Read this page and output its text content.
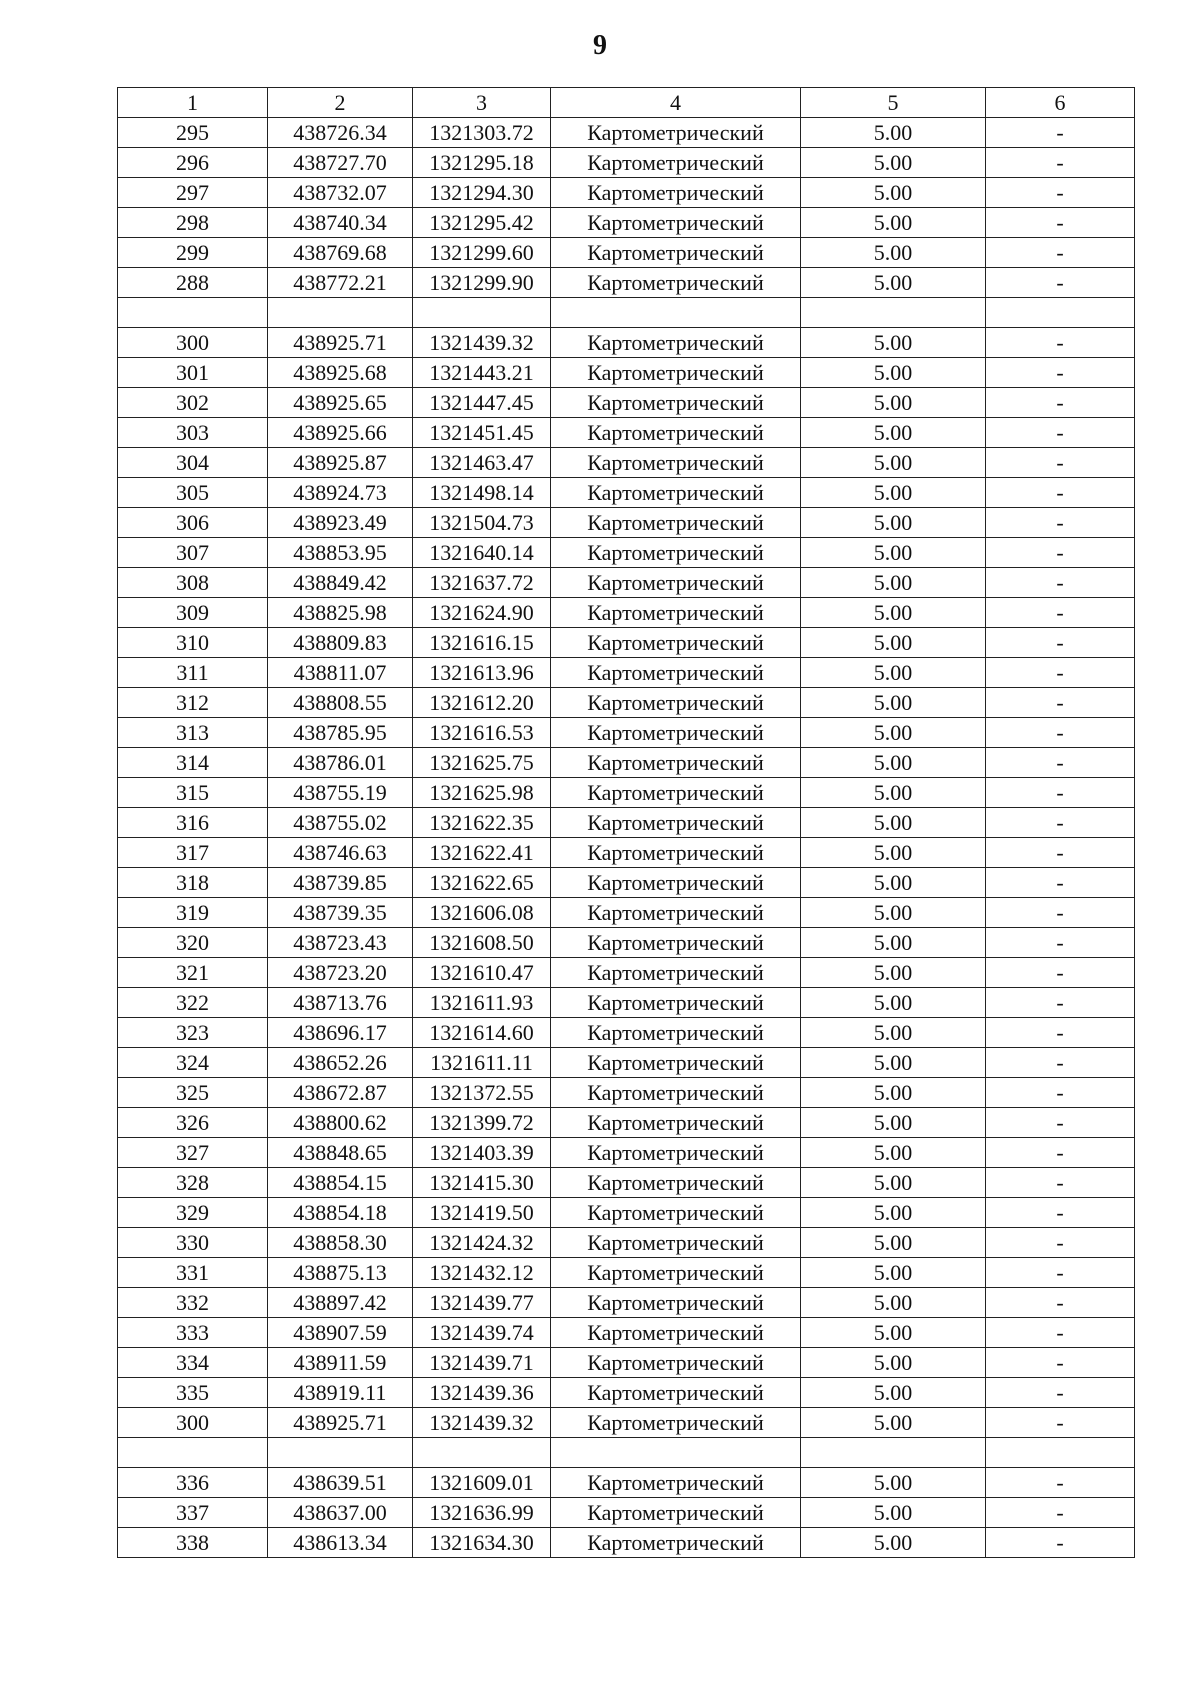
9
1	2	3	4	5	6
295	438726.34	1321303.72	Картометрический	5.00	-
296	438727.70	1321295.18	Картометрический	5.00	-
297	438732.07	1321294.30	Картометрический	5.00	-
298	438740.34	1321295.42	Картометрический	5.00	-
299	438769.68	1321299.60	Картометрический	5.00	-
288	438772.21	1321299.90	Картометрический	5.00	-

300	438925.71	1321439.32	Картометрический	5.00	-
301	438925.68	1321443.21	Картометрический	5.00	-
302	438925.65	1321447.45	Картометрический	5.00	-
303	438925.66	1321451.45	Картометрический	5.00	-
304	438925.87	1321463.47	Картометрический	5.00	-
305	438924.73	1321498.14	Картометрический	5.00	-
306	438923.49	1321504.73	Картометрический	5.00	-
307	438853.95	1321640.14	Картометрический	5.00	-
308	438849.42	1321637.72	Картометрический	5.00	-
309	438825.98	1321624.90	Картометрический	5.00	-
310	438809.83	1321616.15	Картометрический	5.00	-
311	438811.07	1321613.96	Картометрический	5.00	-
312	438808.55	1321612.20	Картометрический	5.00	-
313	438785.95	1321616.53	Картометрический	5.00	-
314	438786.01	1321625.75	Картометрический	5.00	-
315	438755.19	1321625.98	Картометрический	5.00	-
316	438755.02	1321622.35	Картометрический	5.00	-
317	438746.63	1321622.41	Картометрический	5.00	-
318	438739.85	1321622.65	Картометрический	5.00	-
319	438739.35	1321606.08	Картометрический	5.00	-
320	438723.43	1321608.50	Картометрический	5.00	-
321	438723.20	1321610.47	Картометрический	5.00	-
322	438713.76	1321611.93	Картометрический	5.00	-
323	438696.17	1321614.60	Картометрический	5.00	-
324	438652.26	1321611.11	Картометрический	5.00	-
325	438672.87	1321372.55	Картометрический	5.00	-
326	438800.62	1321399.72	Картометрический	5.00	-
327	438848.65	1321403.39	Картометрический	5.00	-
328	438854.15	1321415.30	Картометрический	5.00	-
329	438854.18	1321419.50	Картометрический	5.00	-
330	438858.30	1321424.32	Картометрический	5.00	-
331	438875.13	1321432.12	Картометрический	5.00	-
332	438897.42	1321439.77	Картометрический	5.00	-
333	438907.59	1321439.74	Картометрический	5.00	-
334	438911.59	1321439.71	Картометрический	5.00	-
335	438919.11	1321439.36	Картометрический	5.00	-
300	438925.71	1321439.32	Картометрический	5.00	-

336	438639.51	1321609.01	Картометрический	5.00	-
337	438637.00	1321636.99	Картометрический	5.00	-
338	438613.34	1321634.30	Картометрический	5.00	-
